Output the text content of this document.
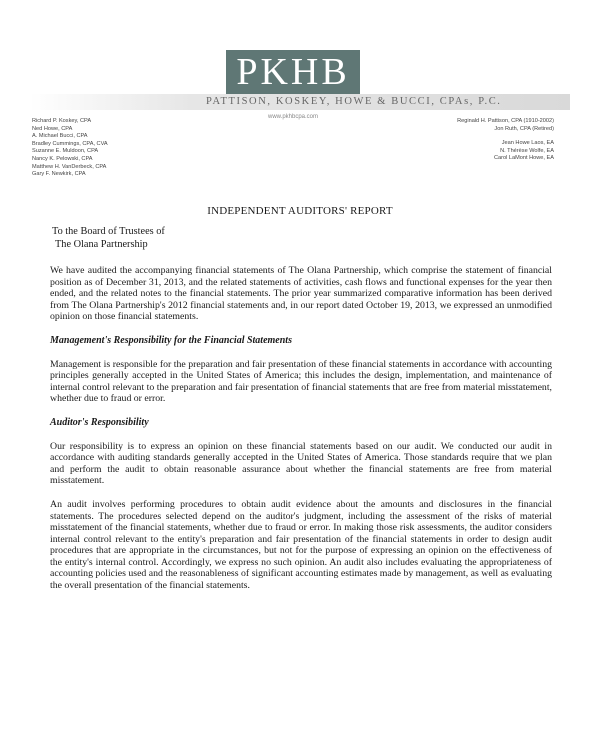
PKHB
PATTISON, KOSKEY, HOWE & BUCCI, CPAs, P.C.
www.pkhbcpa.com
Richard P. Koskey, CPA
Ned Howe, CPA
A. Michael Bucci, CPA
Bradley Cummings, CPA, CVA
Suzanne E. Muldoon, CPA
Nancy K. Pelowski, CPA
Matthew H. VanDerbeck, CPA
Gary F. Newkirk, CPA
Reginald H. Pattison, CPA (1910-2002)
Jon Ruth, CPA (Retired)
Jean Howe Laos, EA
N. Thérèse Wolfe, EA
Carol LaMont Howe, EA
INDEPENDENT AUDITORS' REPORT
To the Board of Trustees of
The Olana Partnership

We have audited the accompanying financial statements of The Olana Partnership, which comprise the statement of financial position as of December 31, 2013, and the related statements of activities, cash flows and functional expenses for the year then ended, and the related notes to the financial statements. The prior year summarized comparative information has been derived from The Olana Partnership's 2012 financial statements and, in our report dated October 19, 2013, we expressed an unmodified opinion on those financial statements.

Management's Responsibility for the Financial Statements

Management is responsible for the preparation and fair presentation of these financial statements in accordance with accounting principles generally accepted in the United States of America; this includes the design, implementation, and maintenance of internal control relevant to the preparation and fair presentation of financial statements that are free from material misstatement, whether due to fraud or error.

Auditor's Responsibility

Our responsibility is to express an opinion on these financial statements based on our audit. We conducted our audit in accordance with auditing standards generally accepted in the United States of America. Those standards require that we plan and perform the audit to obtain reasonable assurance about whether the financial statements are free from material misstatement.

An audit involves performing procedures to obtain audit evidence about the amounts and disclosures in the financial statements. The procedures selected depend on the auditor's judgment, including the assessment of the risks of material misstatement of the financial statements, whether due to fraud or error. In making those risk assessments, the auditor considers internal control relevant to the entity's preparation and fair presentation of the financial statements in order to design audit procedures that are appropriate in the circumstances, but not for the purpose of expressing an opinion on the effectiveness of the entity's internal control. Accordingly, we express no such opinion. An audit also includes evaluating the appropriateness of accounting policies used and the reasonableness of significant accounting estimates made by management, as well as evaluating the overall presentation of the financial statements.
